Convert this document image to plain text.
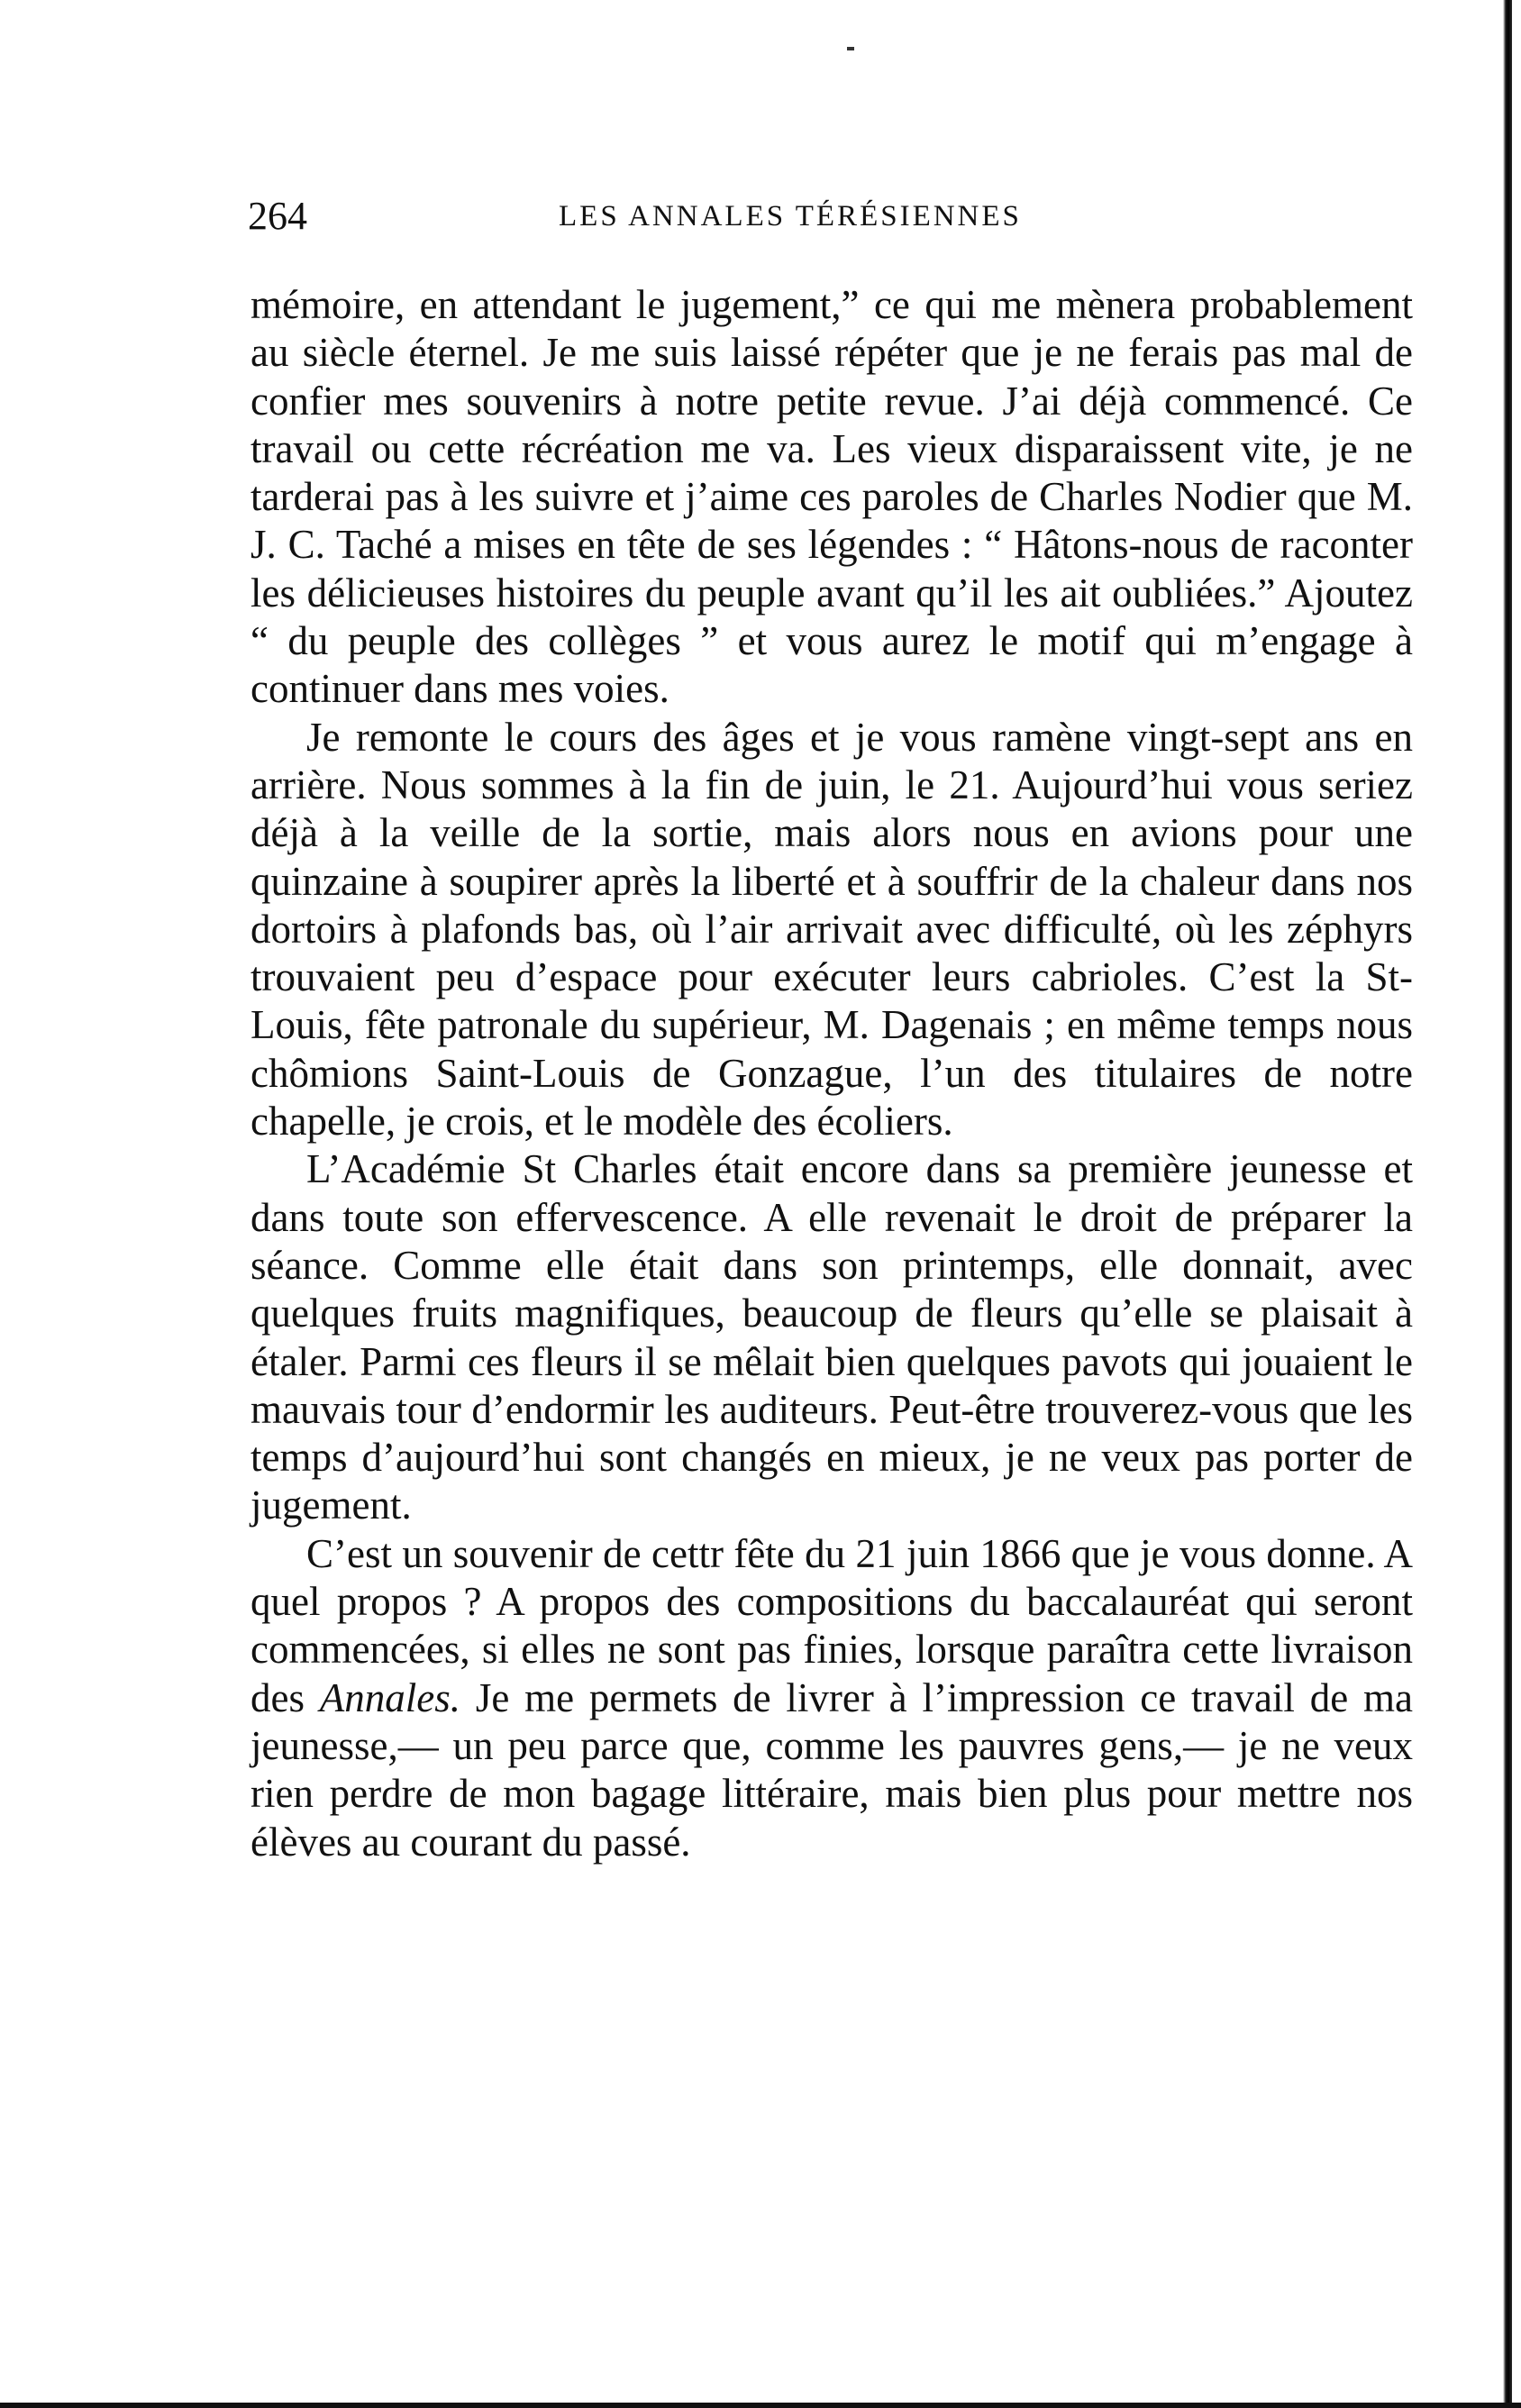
264	LES ANNALES TÉRÉSIENNES

mémoire, en attendant le jugement,” ce qui me mènera probablement au siècle éternel. Je me suis laissé répéter que je ne ferais pas mal de confier mes souvenirs à notre petite revue. J’ai déjà commencé. Ce travail ou cette récréation me va. Les vieux disparaissent vite, je ne tarderai pas à les suivre et j’aime ces paroles de Charles Nodier que M. J. C. Taché a mises en tête de ses légendes : “ Hâtons-nous de raconter les délicieuses histoires du peuple avant qu’il les ait oubliées.” Ajoutez “ du peuple des collèges ” et vous aurez le motif qui m’engage à continuer dans mes voies.

Je remonte le cours des âges et je vous ramène vingt-sept ans en arrière. Nous sommes à la fin de juin, le 21. Aujourd’hui vous seriez déjà à la veille de la sortie, mais alors nous en avions pour une quinzaine à soupirer après la liberté et à souffrir de la chaleur dans nos dortoirs à plafonds bas, où l’air arrivait avec difficulté, où les zéphyrs trouvaient peu d’espace pour exécuter leurs cabrioles. C’est la St-Louis, fête patronale du supérieur, M. Dagenais ; en même temps nous chômions Saint-Louis de Gonzague, l’un des titulaires de notre chapelle, je crois, et le modèle des écoliers.

L’Académie St Charles était encore dans sa première jeunesse et dans toute son effervescence. A elle revenait le droit de préparer la séance. Comme elle était dans son printemps, elle donnait, avec quelques fruits magnifiques, beaucoup de fleurs qu’elle se plaisait à étaler. Parmi ces fleurs il se mêlait bien quelques pavots qui jouaient le mauvais tour d’endormir les auditeurs. Peut-être trouverez-vous que les temps d’aujourd’hui sont changés en mieux, je ne veux pas porter de jugement.

C’est un souvenir de cettr fête du 21 juin 1866 que je vous donne. A quel propos ? A propos des compositions du baccalauréat qui seront commencées, si elles ne sont pas finies, lorsque paraîtra cette livraison des Annales. Je me permets de livrer à l’impression ce travail de ma jeunesse,— un peu parce que, comme les pauvres gens,— je ne veux rien perdre de mon bagage littéraire, mais bien plus pour mettre nos élèves au courant du passé.
